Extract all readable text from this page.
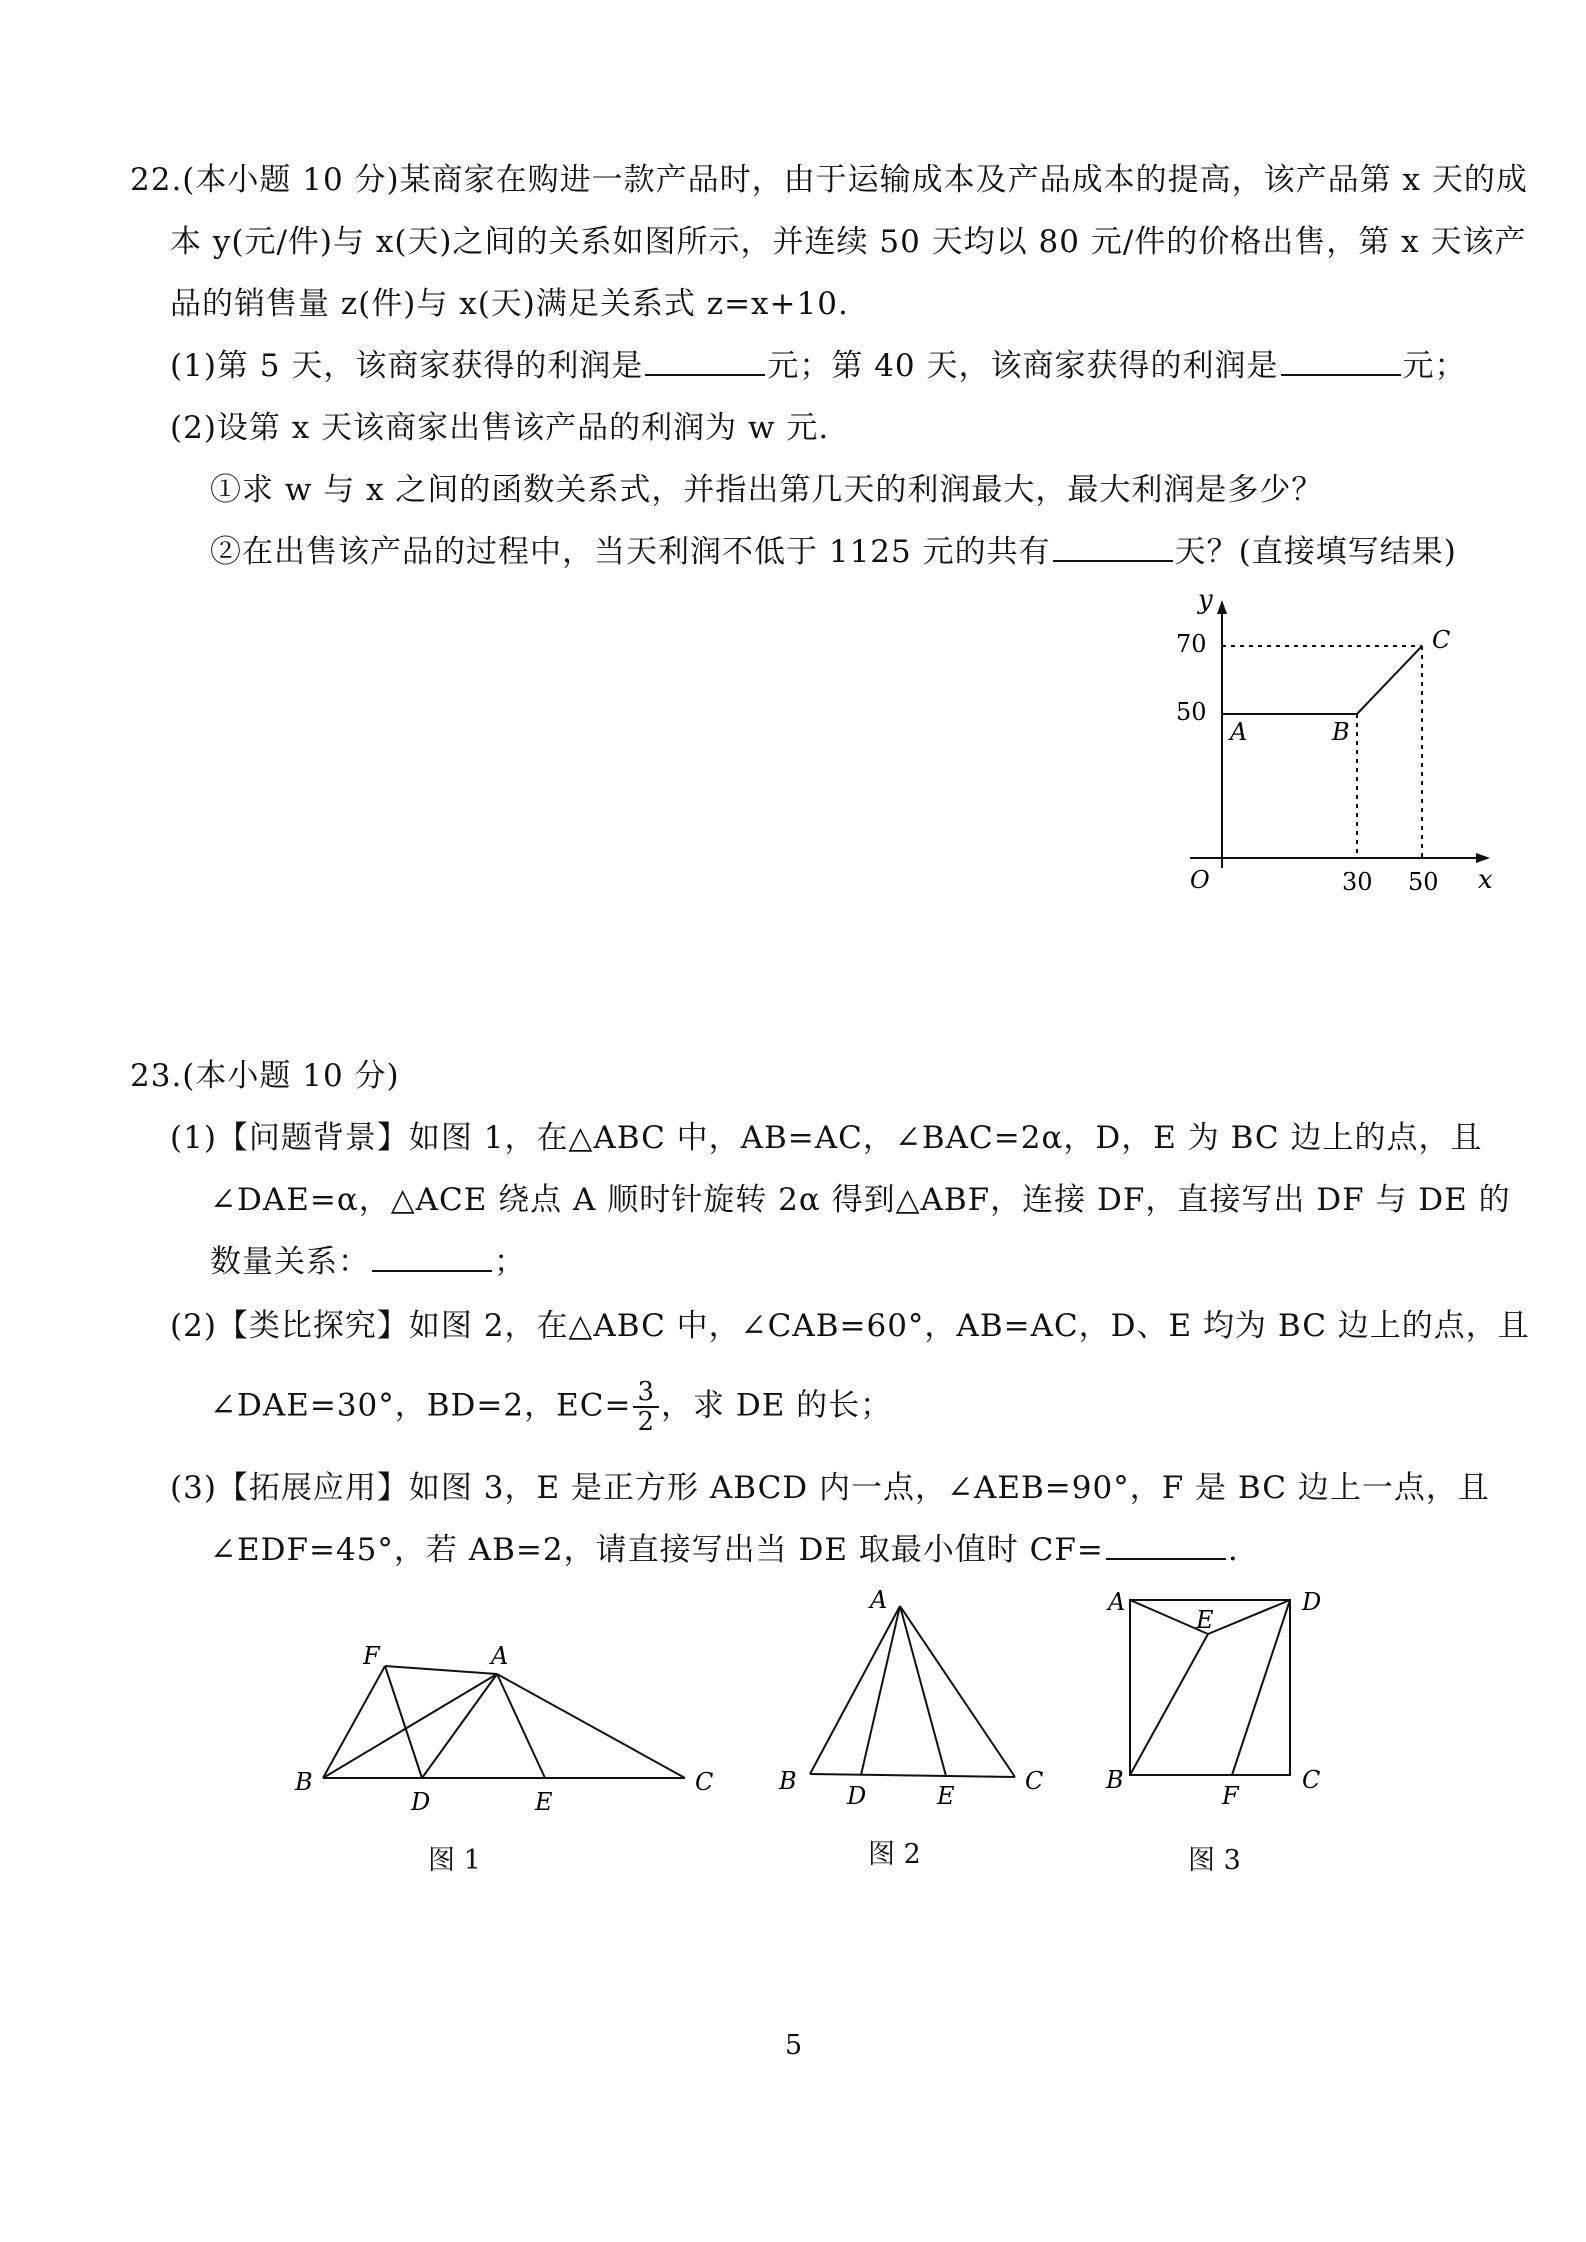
22.(本小题 10 分)某商家在购进一款产品时，由于运输成本及产品成本的提高，该产品第 x 天的成
本 y(元/件)与 x(天)之间的关系如图所示，并连续 50 天均以 80 元/件的价格出售，第 x 天该产
品的销售量 z(件)与 x(天)满足关系式 z=x+10.
(1)第 5 天，该商家获得的利润是	元；第 40 天，该商家获得的利润是	元；
(2)设第 x 天该商家出售该产品的利润为 w 元.
①求 w 与 x 之间的函数关系式，并指出第几天的利润最大，最大利润是多少？
②在出售该产品的过程中，当天利润不低于 1125 元的共有	天？(直接填写结果)
y
70
50
A	B
C
O	30 50 x
23.(本小题 10 分)
(1)【问题背景】如图 1，在△ABC 中，AB=AC，∠BAC=2α，D，E 为 BC 边上的点，且
∠DAE=α，△ACE 绕点 A 顺时针旋转 2α 得到△ABF，连接 DF，直接写出 DF 与 DE 的
数量关系：	；
(2)【类比探究】如图 2，在△ABC 中，∠CAB=60°，AB=AC，D、E 均为 BC 边上的点，且
∠DAE=30°，BD=2，$EC= \frac{3}{2}$ ，求 DE 的长；
(3)【拓展应用】如图 3，E 是正方形 ABCD 内一点，∠AEB=90°，F 是 BC 边上一点，且
∠EDF=45°，若 AB=2，请直接写出当 DE 取最小值时 CF=	.
F	A
B
D	E
C
图 1
A
B
D	E
C
图 2
A	D
E
B
F
C
图 3
5
